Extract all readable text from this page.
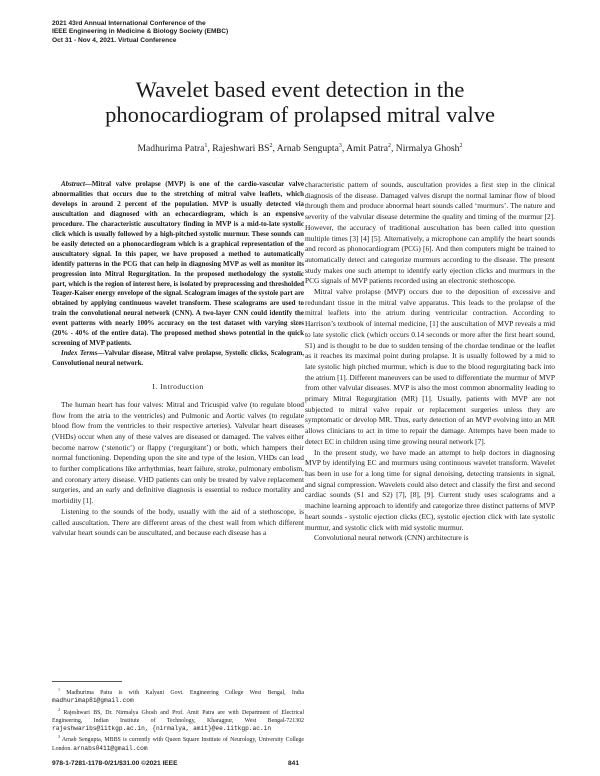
2021 43rd Annual International Conference of the
IEEE Engineering in Medicine & Biology Society (EMBC)
Oct 31 - Nov 4, 2021. Virtual Conference
Wavelet based event detection in the
phonocardiogram of prolapsed mitral valve
Madhurima Patra$^1$, Rajeshwari $BS^2$, Arnab Sengupta$^3$, Amit Patra$^2$, Nirmalya Ghosh$^2$

Abstract—Mitral valve prolapse (MVP) is one of the cardio-vascular valve abnormalities that occurs due to the stretching of mitral valve leaflets, which develops in around 2 percent of the population. MVP is usually detected via auscultation and diagnosed with an echocardiogram, which is an expensive procedure. The characteristic auscultatory finding in MVP is a mid-to-late systolic click which is usually followed by a high-pitched systolic murmur. These sounds can be easily detected on a phonocardiogram which is a graphical representation of the auscultatory signal. In this paper, we have proposed a method to automatically identify patterns in the PCG that can help in diagnosing MVP as well as monitor its progression into Mitral Regurgitation. In the proposed methodology the systolic part, which is the region of interest here, is isolated by preprocessing and thresholded Teager-Kaiser energy envelope of the signal. Scalogram images of the systole part are obtained by applying continuous wavelet transform. These scalograms are used to train the convolutional neural network (CNN). A two-layer CNN could identify the event patterns with nearly 100% accuracy on the test dataset with varying sizes (20% - 40% of the entire data). The proposed method shows potential in the quick screening of MVP patients.

Index Terms—Valvular disease, Mitral valve prolapse, Systolic clicks, Scalogram, Convolutional neural network.

I. Introduction

The human heart has four valves: Mitral and Tricuspid valve (to regulate blood flow from the atria to the ventricles) and Pulmonic and Aortic valves (to regulate blood flow from the ventricles to their respective arteries). Valvular heart diseases (VHDs) occur when any of these valves are diseased or damaged. The valves either become narrow (‘stenotic’) or flappy (‘regurgitant’) or both, which hampers their normal functioning. Depending upon the site and type of the lesion, VHDs can lead to further complications like arrhythmias, heart failure, stroke, pulmonary embolism, and coronary artery disease. VHD patients can only be treated by valve replacement surgeries, and an early and definitive diagnosis is essential to reduce mortality and morbidity [1].

Listening to the sounds of the body, usually with the aid of a stethoscope, is called auscultation. There are different areas of the chest wall from which different valvular heart sounds can be auscultated, and because each disease has a

$^1$ Madhurima Patra is with Kalyani Govt. Engineering College West Bengal, India madhurimap81@gmail.com

$^2$ Rajeshwari BS, Dr. Nirmalya Ghosh and Prof. Amit Patra are with Department of Electrical Engineering, Indian Institute of Technology, Kharagpur, West Bengal-721302 rajeshwaribs@iitkgp.ac.in, {nirmalya, amit}@ee.iitkgp.ac.in

$^3$ Arnab Sengupta, MBBS is currently with Queen Square Institute of Neurology, University College London. arnabs0411@gmail.com

characteristic pattern of sounds, auscultation provides a first step in the clinical diagnosis of the disease. Damaged valves disrupt the normal laminar flow of blood through them and produce abnormal heart sounds called ‘murmurs’. The nature and severity of the valvular disease determine the quality and timing of the murmur [2]. However, the accuracy of traditional auscultation has been called into question multiple times [3] [4] [5]. Alternatively, a microphone can amplify the heart sounds and record as phonocardiogram (PCG) [6]. And then computers might be trained to automatically detect and categorize murmurs according to the disease. The present study makes one such attempt to identify early ejection clicks and murmurs in the PCG signals of MVP patients recorded using an electronic stethoscope.

Mitral valve prolapse (MVP) occurs due to the deposition of excessive and redundant tissue in the mitral valve apparatus. This leads to the prolapse of the mitral leaflets into the atrium during ventricular contraction. According to Harrison’s textbook of internal medicine, [1] the auscultation of MVP reveals a mid to late systolic click (which occurs 0.14 seconds or more after the first heart sound, S1) and is thought to be due to sudden tensing of the chordae tendinae or the leaflet as it reaches its maximal point during prolapse. It is usually followed by a mid to late systolic high pitched murmur, which is due to the blood regurgitating back into the atrium [1]. Different maneuvers can be used to differentiate the murmur of MVP from other valvular diseases. MVP is also the most common abnormality leading to primary Mitral Regurgitation (MR) [1]. Usually, patients with MVP are not subjected to mitral valve repair or replacement surgeries unless they are symptomatic or develop MR. Thus, early detection of an MVP evolving into an MR allows clinicians to act in time to repair the damage. Attempts have been made to detect EC in children using time growing neural network [7].

In the present study, we have made an attempt to help doctors in diagnosing MVP by identifying EC and murmurs using continuous wavelet transform. Wavelet has been in use for a long time for signal denoising, detecting transients in signal, and signal compression. Wavelets could also detect and classify the first and second cardiac sounds (S1 and S2) [7], [8], [9]. Current study uses scalograms and a machine learning approach to identify and categorize three distinct patterns of MVP heart sounds - systolic ejection clicks (EC), systolic ejection click with late systolic murmur, and systolic click with mid systolic murmur.

Convolutional neural network (CNN) architecture is

978-1-7281-1178-0/21/$31.00 ©2021 IEEE	841
